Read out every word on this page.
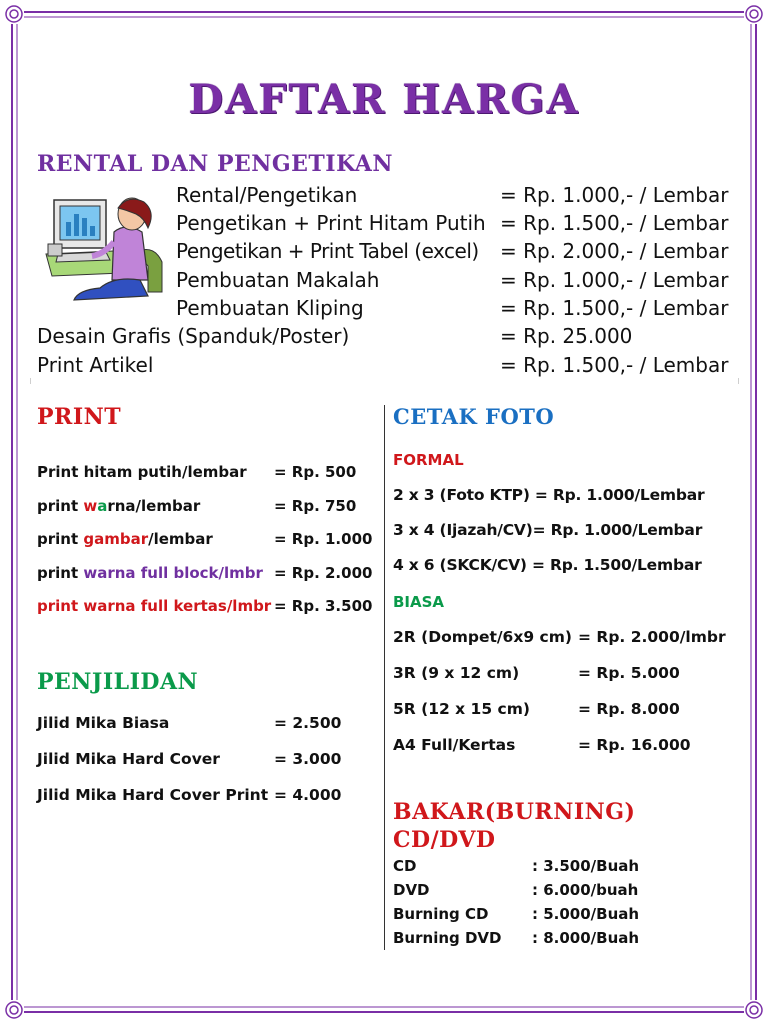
DAFTAR HARGA
RENTAL DAN PENGETIKAN
Rental/Pengetikan	= Rp. 1.000,- / Lembar
Pengetikan + Print Hitam Putih = Rp. 1.500,- / Lembar
Pengetikan + Print Tabel (excel) = Rp. 2.000,- / Lembar
Pembuatan Makalah	= Rp. 1.000,- / Lembar
Pembuatan Kliping	= Rp. 1.500,- / Lembar
Desain Grafis (Spanduk/Poster)	= Rp. 25.000
Print Artikel	= Rp. 1.500,- / Lembar
PRINT
Print hitam putih/lembar = Rp. 500
print warna/lembar	= Rp. 750
print gambar/lembar	= Rp. 1.000
print warna full block/lmbr = Rp. 2.000
print warna full kertas/lmbr = Rp. 3.500
PENJILIDAN
Jilid Mika Biasa	= 2.500
Jilid Mika Hard Cover	= 3.000
Jilid Mika Hard Cover Print = 4.000
CETAK FOTO
FORMAL
2 x 3 (Foto KTP) = Rp. 1.000/Lembar
3 x 4 (Ijazah/CV)= Rp. 1.000/Lembar
4 x 6 (SKCK/CV) = Rp. 1.500/Lembar
BIASA
2R (Dompet/6x9 cm) = Rp. 2.000/lmbr
3R (9 x 12 cm)	= Rp. 5.000
5R (12 x 15 cm)	= Rp. 8.000
A4 Full/Kertas	= Rp. 16.000
BAKAR(BURNING)
CD/DVD
CD	: 3.500/Buah
DVD	: 6.000/buah
Burning CD	: 5.000/Buah
Burning DVD : 8.000/Buah
